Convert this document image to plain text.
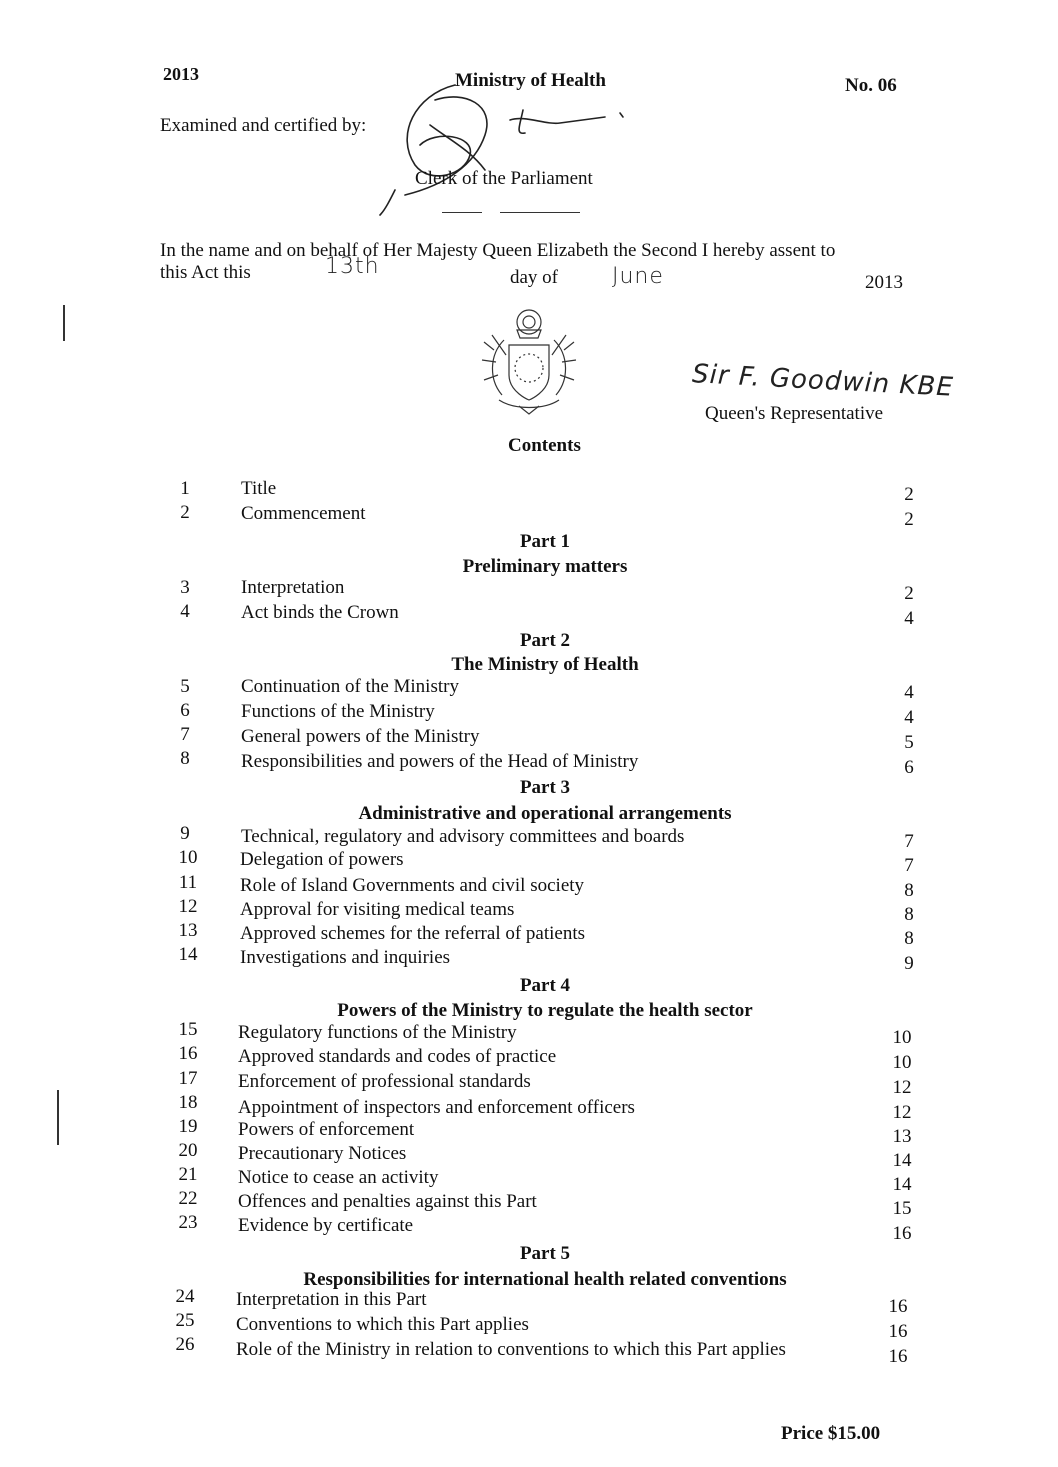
2013	Ministry of Health	No. 06
Examined and certified by:
Clerk of the Parliament
In the name and on behalf of Her Majesty Queen Elizabeth the Second I hereby assent to
this Act this	13th	day of June	2013
Sir F. Goodwin KBE
Queen's Representative
Contents
1	Title	2
2	Commencement	2
Part 1
Preliminary matters
3	Interpretation	2
4	Act binds the Crown	4
Part 2
The Ministry of Health
5	Continuation of the Ministry	4
6	Functions of the Ministry	4
7	General powers of the Ministry	5
8	Responsibilities and powers of the Head of Ministry	6
Part 3
Administrative and operational arrangements
9	Technical, regulatory and advisory committees and boards	7
10	Delegation of powers	7
11	Role of Island Governments and civil society	8
12	Approval for visiting medical teams	8
13	Approved schemes for the referral of patients	8
14	Investigations and inquiries	9
Part 4
Powers of the Ministry to regulate the health sector
15	Regulatory functions of the Ministry	10
16	Approved standards and codes of practice	10
17	Enforcement of professional standards	12
18	Appointment of inspectors and enforcement officers	12
19	Powers of enforcement	13
20	Precautionary Notices	14
21	Notice to cease an activity	14
22	Offences and penalties against this Part	15
23	Evidence by certificate	16
Part 5
Responsibilities for international health related conventions
24	Interpretation in this Part	16
25	Conventions to which this Part applies	16
26	Role of the Ministry in relation to conventions to which this Part applies	16
Price $15.00
